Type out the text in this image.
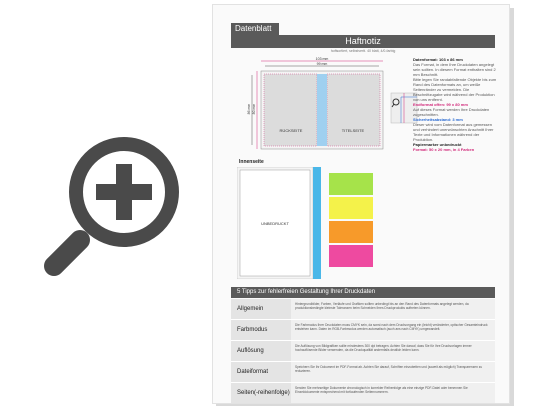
Datenblatt
Haftnotiz
hoftsortiert, selbstvertt. 40 blatt, 4/0-farbig
103 mm
99 mm
86 mm 80 mm
RÜCKSEITE	TITELSEITE
Datenformat: 103 x 86 mm
Das Format, in dem Ihre Druckdaten angelegt sein sollten. In diesem Format enthalten sind 2 mm Beschnitt.
Bitte legen Sie randabfallende Objekte bis zum Rand des Datenformats an, um weiße Seitenränder zu vermeiden. Die Beschnittzugabe wird während der Produktion von uns entfernt.
Endformat offen: 99 x 80 mm
Auf dieses Format werden Ihre Druckdaten zugeschnitten.
Sicherheitsabstand: 3 mm
Dieser wird vom Datenformat aus gemessen und verhindert unerwünschten Anschnitt Ihrer Texte und Informationen während der Produktion.
Papiermarker unbedruckt
Format: 50 x 20 mm, in 4 Farben
Innenseite
UNBEDRUCKT
5 Tipps zur fehlerfreien Gestaltung Ihrer Druckdaten
Allgemein
Hintergrundbilder, Farben, Verläufe und Grafiken sollten unbedingt bis an den Rand des Datenformats angelegt werden, da produktionsbedingte kleinste Toleranzen beim Schneiden Ihres Druckprodukts auftreten können.
Farbmodus
Die Farbmodus Ihrer Druckdaten muss CMYK sein, da sonst nach dem Druckvorgang ein (leicht) veränderter, optischer Gesamteindruck entstehen kann. Daten im RGB-Farbmodus werden automatisch (auch ans nach CMYK) umgewandelt.
Auflösung
Die Auflösung von Bildgrafiken sollte mindestens 300 dpi betragen. Achten Sie darauf, dass Sie für Ihre Druckvorlagen immer hochauflösende Bilder verwenden, da die Druckqualität andernfalls deutlich leiden kann.
Dateiformat
Speichern Sie Ihr Dokument im PDF-Format ab. Achten Sie darauf, Schriften einzubetten und (soweit als möglich) Transparenzen zu reduzieren.
Seiten(-reihenfolge)
Senden Sie mehrseitige Dokumente chronologisch in korrekter Reihenfolge als eine einzige PDF-Datei oder benennen Sie Einzeldokumente entsprechend mit fortlaufenden Seitennummern.
